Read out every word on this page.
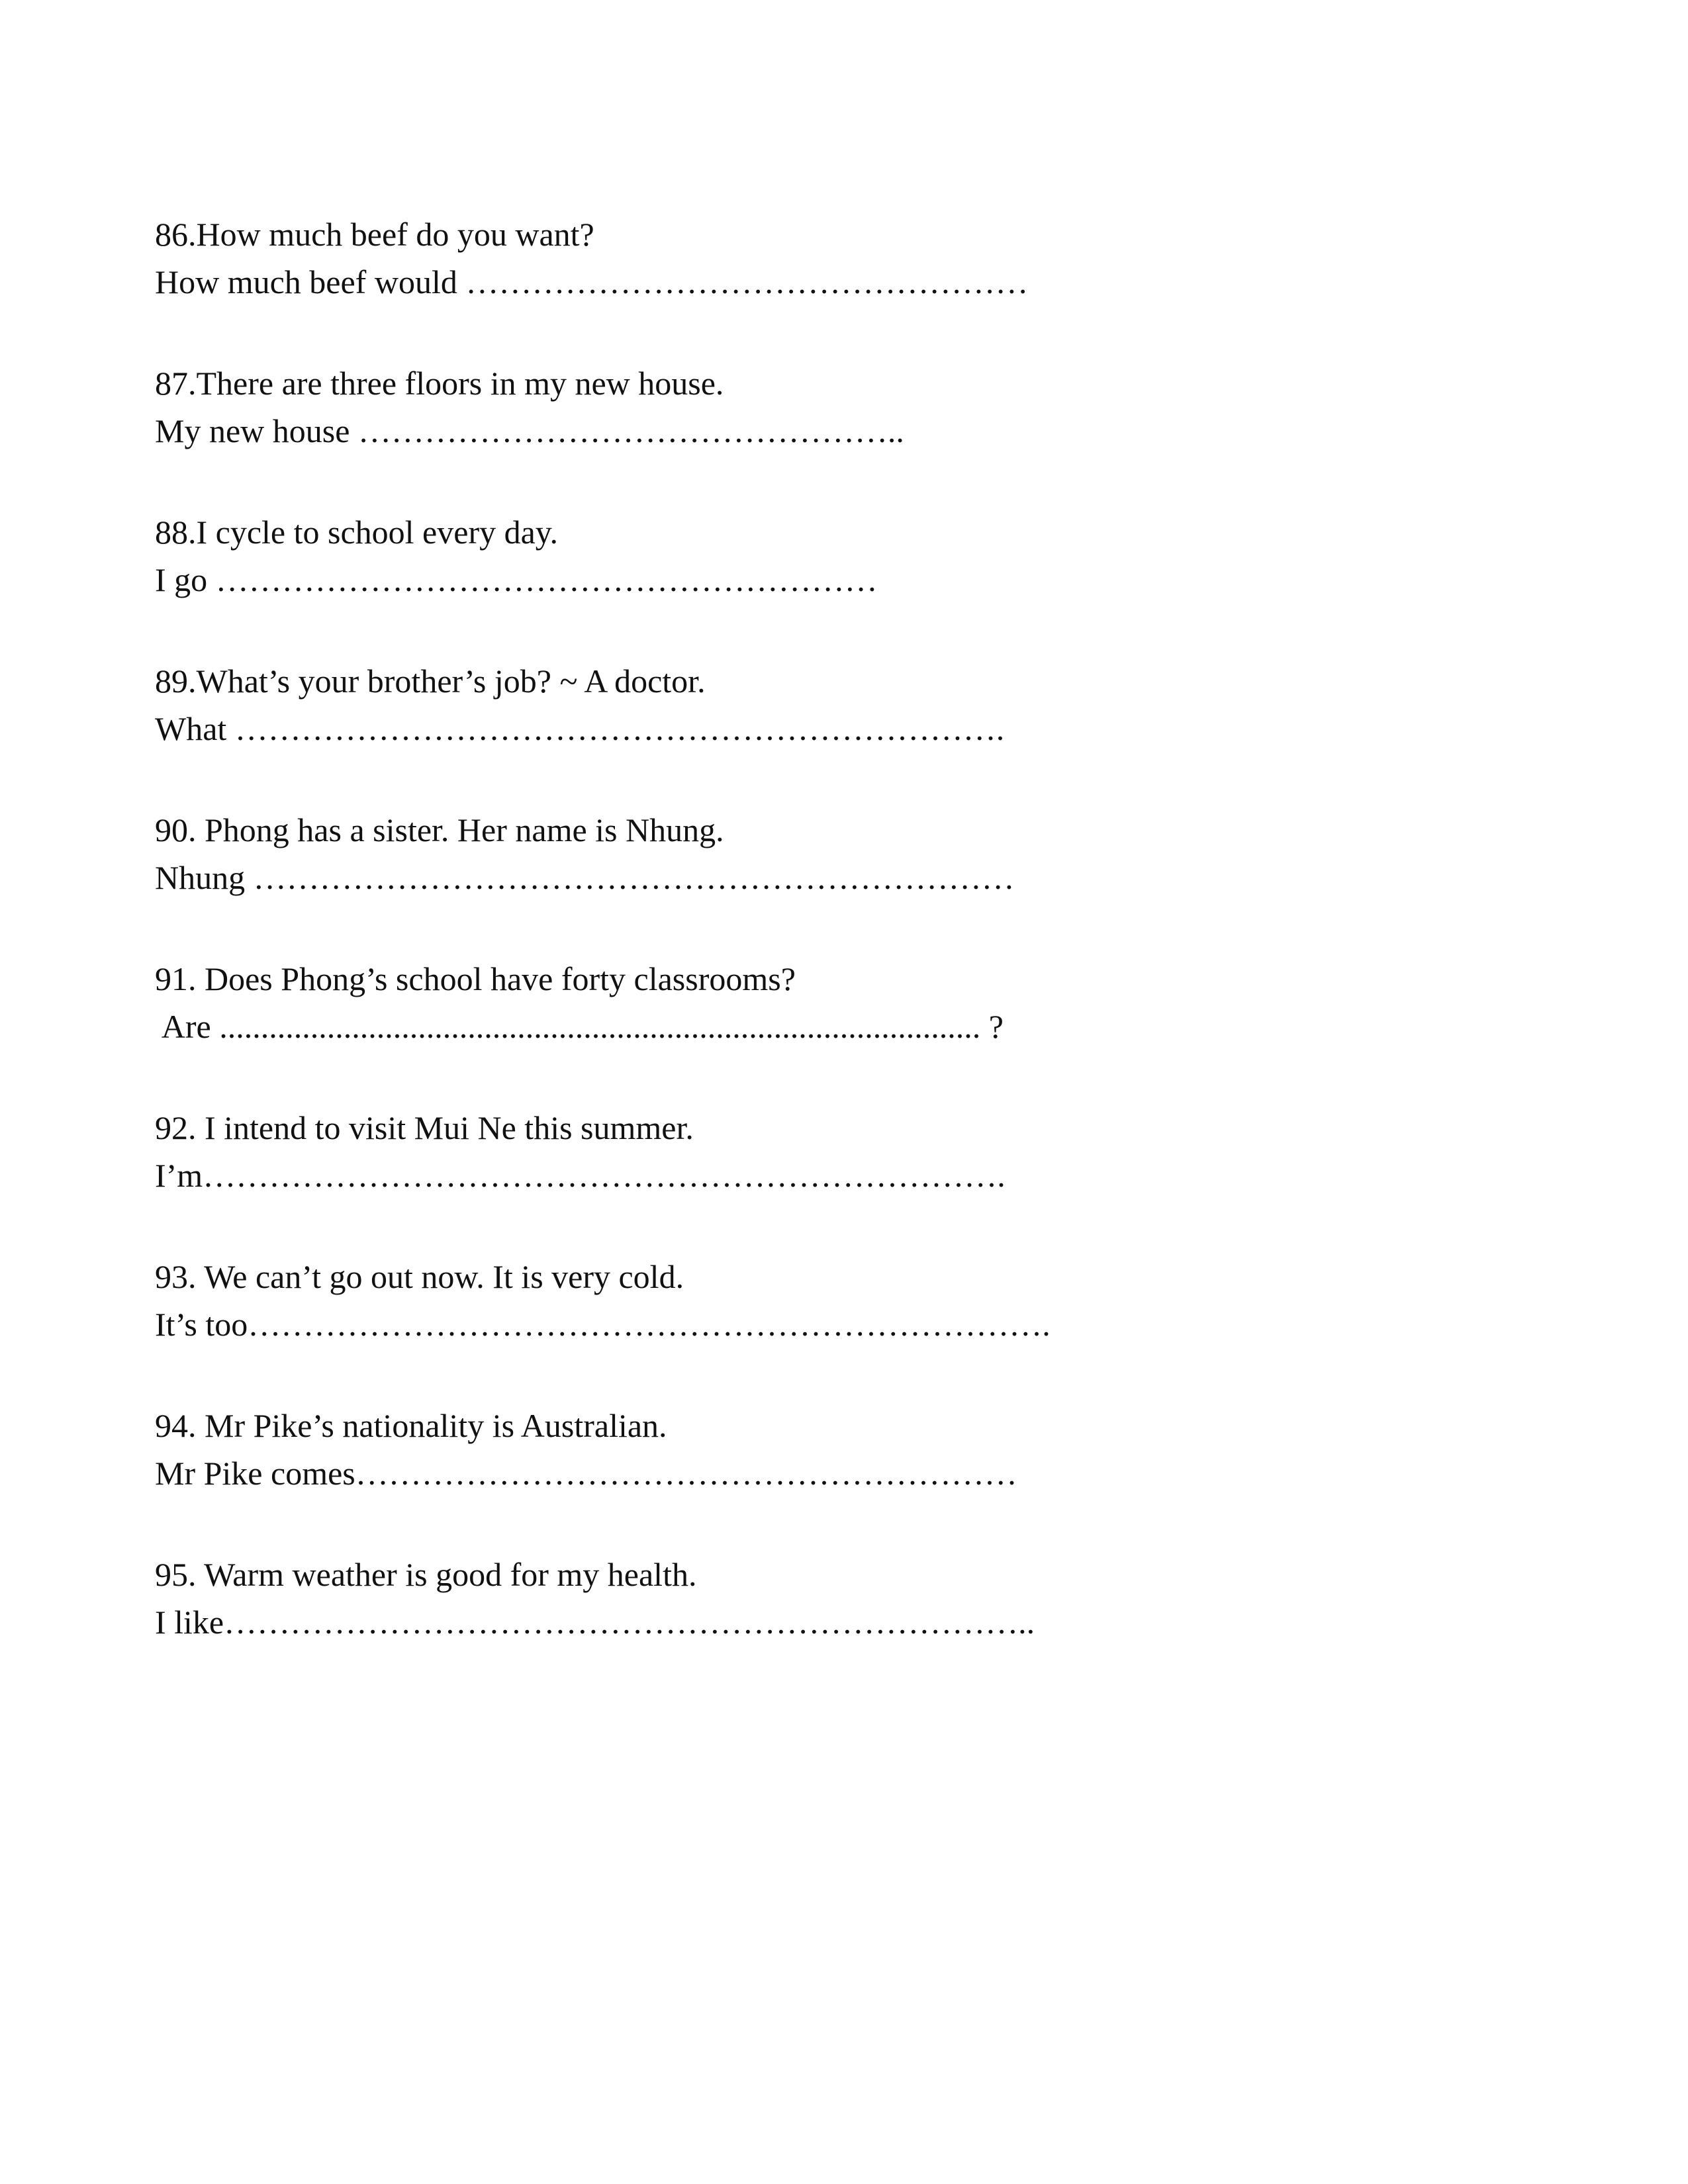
86.How much beef do you want?
How much beef would ……………………………………………
87.There are three floors in my new house.
My new house …………………………………………..
88.I cycle to school every day.
I go ……………………………………………………
89.What’s your brother’s job? ~ A doctor.
What …………………………………………………………….
90. Phong has a sister. Her name is Nhung.
Nhung ……………………………………………………………
91. Does Phong’s school have forty classrooms?
Are ............................................................................................ ?
92. I intend to visit Mui Ne this summer.
I’m……………………………………………………………….
93. We can’t go out now. It is very cold.
It’s too……………………………………………………………….
94. Mr Pike’s nationality is Australian.
Mr Pike comes……………………………………………………
95. Warm weather is good for my health.
I like………………………………………………………………..
